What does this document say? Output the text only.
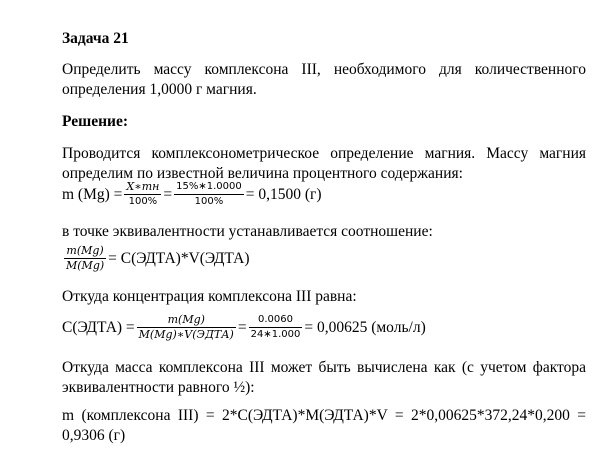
Задача 21
Определить массу комплексона III, необходимого для количественного
определения 1,0000 г магния.
Решение:
Проводится комплексонометрическое определение магния. Массу магния
определим по известной величина процентного содержания:
m $(Mg) = \frac{X∗mн}{100\%} = \frac{15\%∗1.0000}{100\%} = 0,1500$ (г)
в точке эквивалентности устанавливается соотношение:
$\frac{m(Mg)}{M(Mg)}$ = С(ЭДТА)*V(ЭДТА)
Откуда концентрация комплексона III равна:
С(ЭДТА) = $\frac{m(Mg)}{\text{M(Mg)∗V(ЭДТА)}} = \frac{0.0060}{24∗1.000} = 0,00625$ (моль/л)
Откуда масса комплексона III может быть вычислена как (с учетом фактора
эквивалентности равного ½):
m (комплексона III) = 2*С(ЭДТА)*М(ЭДТА)*V = 2*0,00625*372,24*0,200 =
0,9306 (г)
